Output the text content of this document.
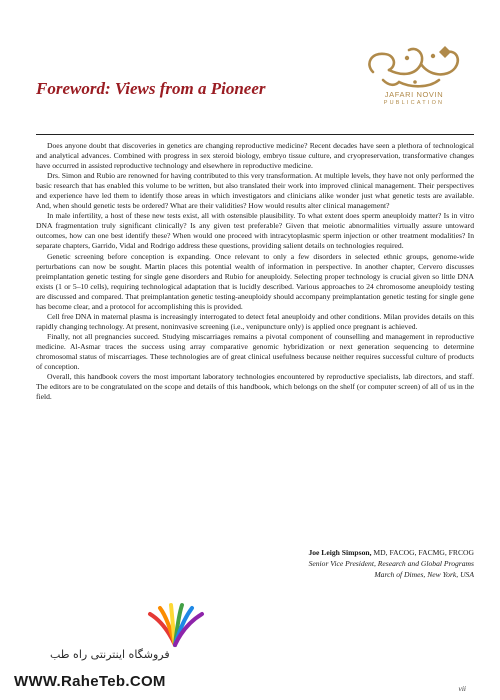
JAFARI NOVIN
PUBLICATION
Foreword: Views from a Pioneer

Does anyone doubt that discoveries in genetics are changing reproductive medicine? Recent decades have seen a plethora of technological and analytical advances. Combined with progress in sex steroid biology, embryo tissue culture, and cryopreservation, transformative changes have occurred in assisted reproductive technology and elsewhere in reproductive medicine.

Drs. Simon and Rubio are renowned for having contributed to this very transformation. At multiple levels, they have not only performed the basic research that has enabled this volume to be written, but also translated their work into improved clinical management. Their perspectives and experience have led them to identify those areas in which investigators and clinicians alike wonder just what genetic tests are available. And, when should genetic tests be ordered? What are their validities? How would results alter clinical management?

In male infertility, a host of these new tests exist, all with ostensible plausibility. To what extent does sperm aneuploidy matter? Is in vitro DNA fragmentation truly significant clinically? Is any given test preferable? Given that meiotic abnormalities virtually assure untoward outcomes, how can one best identify these? When would one proceed with intracytoplasmic sperm injection or other treatment modalities? In separate chapters, Garrido, Vidal and Rodrigo address these questions, providing salient details on technologies required.

Genetic screening before conception is expanding. Once relevant to only a few disorders in selected ethnic groups, genome-wide perturbations can now be sought. Martin places this potential wealth of information in perspective. In another chapter, Cervero discusses preimplantation genetic testing for single gene disorders and Rubio for aneuploidy. Selecting proper technology is crucial given so little DNA exists (1 or 5–10 cells), requiring technological adaptation that is lucidly described. Various approaches to 24 chromosome aneuploidy testing are discussed and compared. That preimplantation genetic testing-aneuploidy should accompany preimplantation genetic testing for single gene has become clear, and a protocol for accomplishing this is provided.

Cell free DNA in maternal plasma is increasingly interrogated to detect fetal aneuploidy and other conditions. Milan provides details on this rapidly changing technology. At present, noninvasive screening (i.e., venipuncture only) is applied once pregnant is achieved.

Finally, not all pregnancies succeed. Studying miscarriages remains a pivotal component of counselling and management in reproductive medicine. Al-Asmar traces the success using array comparative genomic hybridization or next generation sequencing to determine chromosomal status of miscarriages. These technologies are of great clinical usefulness because neither requires successful culture of products of conception.

Overall, this handbook covers the most important laboratory technologies encountered by reproductive specialists, lab directors, and staff. The editors are to be congratulated on the scope and details of this handbook, which belongs on the shelf (or computer screen) of all of us in the field.

Joe Leigh Simpson, MD, FACOG, FACMG, FRCOG
Senior Vice President, Research and Global Programs
March of Dimes, New York, USA
فروشگاه اینترنتی راه طب
WWW.RaheTeb.COM	vii
